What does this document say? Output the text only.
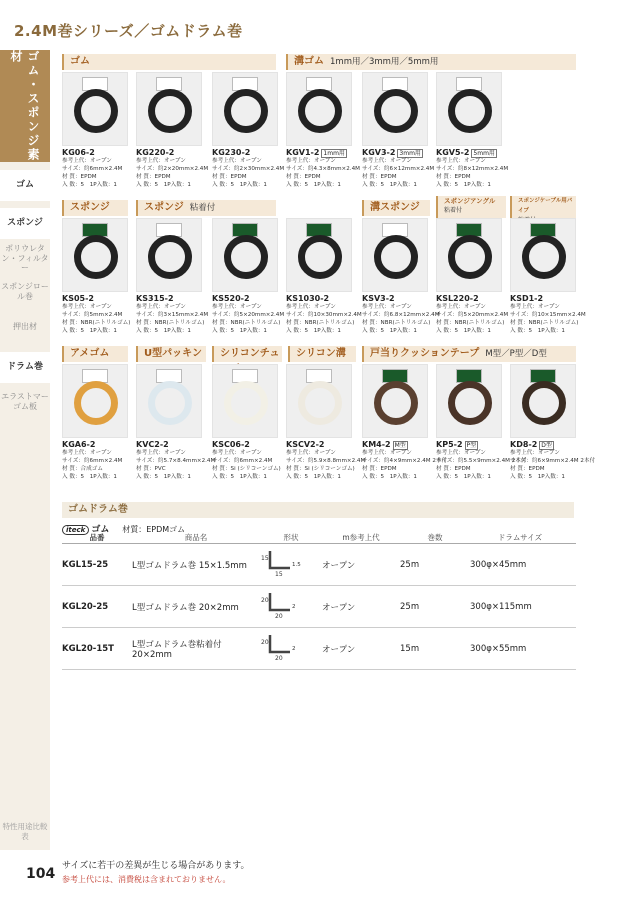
2.4M巻シリーズ／ゴムドラム巻
ゴム・スポンジ素材
ゴム
スポンジ
ポリウレタン・フィルター
スポンジロール巻
押出材
ドラム巻
エラストマーゴム板
特性用途比較表
ゴム	溝ゴム 1mm用／3mm用／5mm用
スポンジ	スポンジ 粘着付	溝スポンジ
スポンジアングル
粘着付
スポンジケーブル用パイプ
アメゴム	U型パッキン	シリコンチュ	シリコン溝	戸当りクッションテープ M型／P型／D型
KG06-2
参考上代：オープン
サイズ：約6mm×2.4M
材 質：EPDM
入 数：5　1P入数：1
KG220-2
参考上代：オープン
サイズ：約2×20mm×2.4M
材 質：EPDM
入 数：5　1P入数：1
KG230-2
参考上代：オープン
サイズ：約2×30mm×2.4M
材 質：EPDM
入 数：5　1P入数：1
KGV1-2 1mm用
参考上代：オープン
サイズ：約4.3×8mm×2.4M
材 質：EPDM
入 数：5　1P入数：1
KGV3-2 3mm用
参考上代：オープン
サイズ：約6×12mm×2.4M
材 質：EPDM
入 数：5　1P入数：1
KGV5-2 5mm用
参考上代：オープン
サイズ：約8×12mm×2.4M
材 質：EPDM
入 数：5　1P入数：1
KS05-2
参考上代：オープン
サイズ：約5mm×2.4M
材 質：NBR(ニトリルゴム)
入 数：5　1P入数：1
KS315-2
参考上代：オープン
サイズ：約3×15mm×2.4M
材 質：NBR(ニトリルゴム)
入 数：5　1P入数：1
KS520-2
参考上代：オープン
サイズ：約5×20mm×2.4M
材 質：NBR(ニトリルゴム)
入 数：5　1P入数：1
KS1030-2
参考上代：オープン
サイズ：約10×30mm×2.4M
材 質：NBR(ニトリルゴム)
入 数：5　1P入数：1
KSV3-2
参考上代：オープン
サイズ：約6.8×12mm×2.4M
材 質：NBR(ニトリルゴム)
入 数：5　1P入数：1
KSL220-2
参考上代：オープン
サイズ：約5×20mm×2.4M
材 質：NBR(ニトリルゴム)
入 数：5　1P入数：1
KSD1-2
参考上代：オープン
サイズ：約10×15mm×2.4M
材 質：NBR(ニトリルゴム)
入 数：5　1P入数：1
KGA6-2
参考上代：オープン
サイズ：約6mm×2.4M
材 質：合成ゴム
入 数：5　1P入数：1
KVC2-2
参考上代：オープン
サイズ：約5.7×8.4mm×2.4M
材 質：PVC
入 数：5　1P入数：1
KSC06-2
参考上代：オープン
サイズ：約6mm×2.4M
材 質：Si (シリコーンゴム)
入 数：5　1P入数：1
KSCV2-2
参考上代：オープン
サイズ：約5.9×8.8mm×2.4M
材 質：Si (シリコーンゴム)
入 数：5　1P入数：1
KM4-2 M型
参考上代：オープン
サイズ：約4×9mm×2.4M 2本付
材 質：EPDM
入 数：5　1P入数：1
KP5-2 P型
参考上代：オープン
サイズ：約5.5×9mm×2.4M 2本付
材 質：EPDM
入 数：5　1P入数：1
KD8-2 D型
参考上代：オープン
サイズ：約6×9mm×2.4M 2本付
材 質：EPDM
入 数：5　1P入数：1
ゴムドラム巻
iteck ゴム 材質：EPDMゴム
品番	商品名	形状	m参考上代	巻数	ドラムサイズ
KGL15-25	L型ゴムドラム巻 15×1.5mm
15
1.5
15
オープン	25m	300φ×45mm
KGL20-25	L型ゴムドラム巻 20×2mm
20
2
20
オープン	25m	300φ×115mm
KGL20-15T	L型ゴムドラム巻粘着付 20×2mm
20
2
20
オープン	15m	300φ×55mm
104 サイズに若干の差異が生じる場合があります。
参考上代には、消費税は含まれておりません。
